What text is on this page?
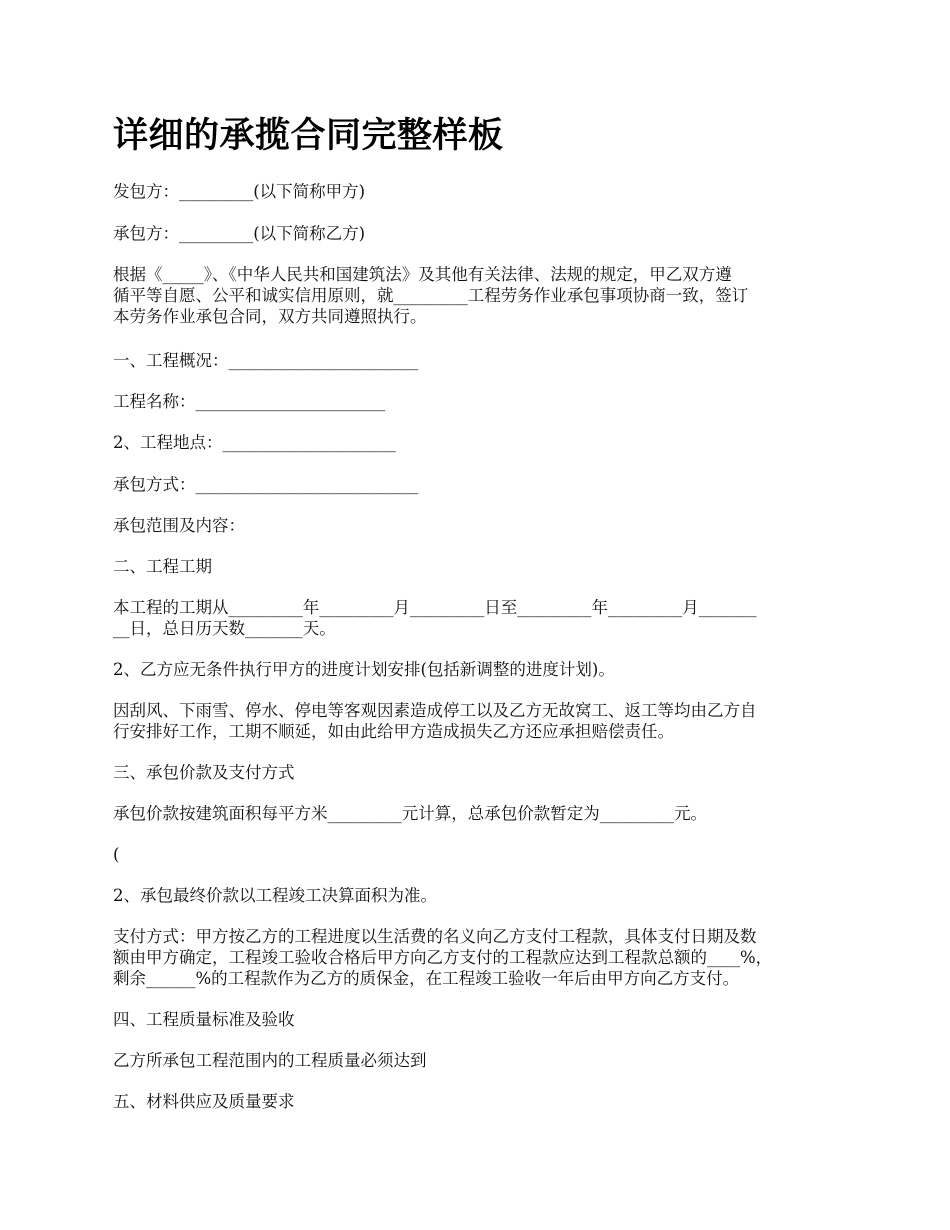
详细的承揽合同完整样板
发包方：_________(以下简称甲方)
承包方：_________(以下简称乙方)
根据《_____》、《中华人民共和国建筑法》及其他有关法律、法规的规定，甲乙双方遵
循平等自愿、公平和诚实信用原则，就_________工程劳务作业承包事项协商一致，签订
本劳务作业承包合同，双方共同遵照执行。
一、工程概况：_______________________
工程名称：_______________________
2、工程地点：_____________________
承包方式：___________________________
承包范围及内容：
二、工程工期
本工程的工期从_________年_________月_________日至_________年_________月_______
__日，总日历天数_______天。
2、乙方应无条件执行甲方的进度计划安排(包括新调整的进度计划)。
因刮风、下雨雪、停水、停电等客观因素造成停工以及乙方无故窝工、返工等均由乙方自
行安排好工作，工期不顺延，如由此给甲方造成损失乙方还应承担赔偿责任。
三、承包价款及支付方式
承包价款按建筑面积每平方米_________元计算，总承包价款暂定为_________元。
(
2、承包最终价款以工程竣工决算面积为准。
支付方式：甲方按乙方的工程进度以生活费的名义向乙方支付工程款，具体支付日期及数
额由甲方确定，工程竣工验收合格后甲方向乙方支付的工程款应达到工程款总额的____%，
剩余______%的工程款作为乙方的质保金，在工程竣工验收一年后由甲方向乙方支付。
四、工程质量标准及验收
乙方所承包工程范围内的工程质量必须达到
五、材料供应及质量要求
